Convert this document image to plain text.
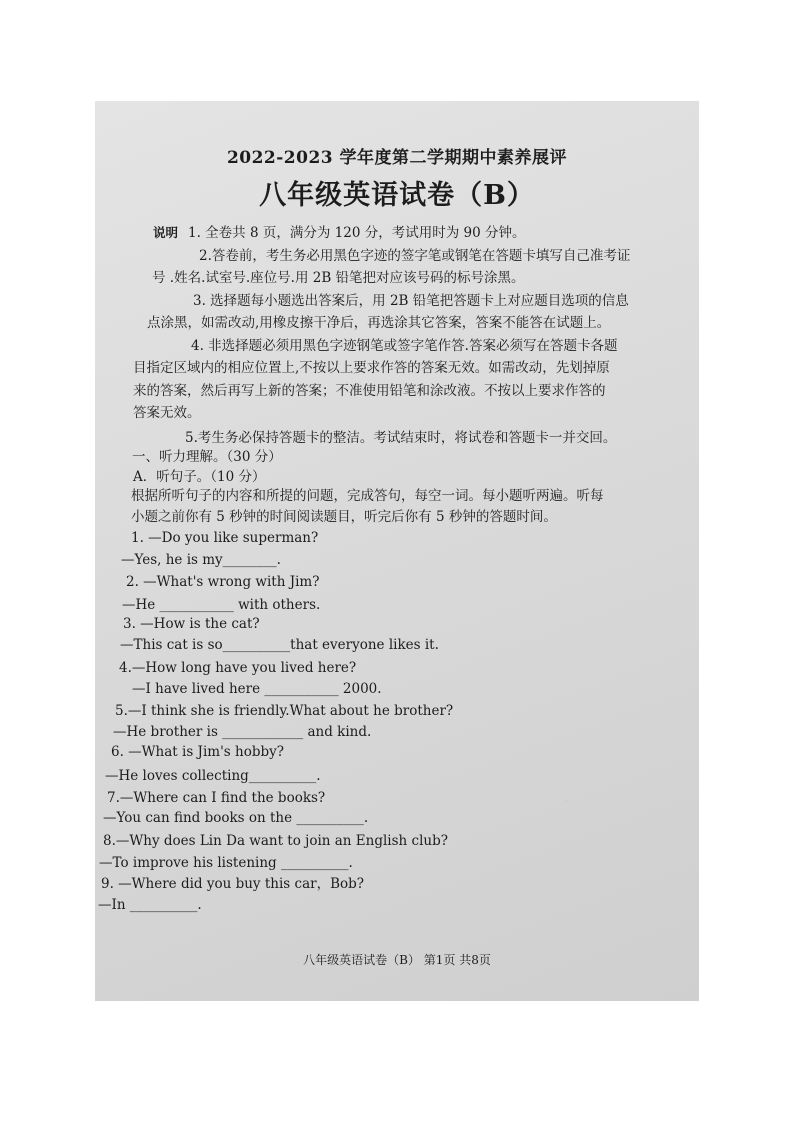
.
2022-2023 学年度第二学期期中素养展评
八年级英语试卷（B）
说明 1. 全卷共 8 页，满分为 120 分，考试用时为 90 分钟。
2.答卷前，考生务必用黑色字迹的签字笔或钢笔在答题卡填写自己准考证
号 .姓名.试室号.座位号.用 2B 铅笔把对应该号码的标号涂黑。
3. 选择题每小题选出答案后，用 2B 铅笔把答题卡上对应题目选项的信息
点涂黑，如需改动,用橡皮擦干净后，再选涂其它答案，答案不能答在试题上。
4. 非选择题必须用黑色字迹钢笔或签字笔作答.答案必须写在答题卡各题
目指定区域内的相应位置上,不按以上要求作答的答案无效。如需改动，先划掉原
来的答案，然后再写上新的答案；不准使用铅笔和涂改液。不按以上要求作答的
答案无效。
5.考生务必保持答题卡的整洁。考试结束时，将试卷和答题卡一并交回。
一、听力理解。（30 分）
A．听句子。（10 分）
根据所听句子的内容和所提的问题，完成答句，每空一词。每小题听两遍。听每
小题之前你有 5 秒钟的时间阅读题目，听完后你有 5 秒钟的答题时间。
1. —Do you like superman?
—Yes, he is my________.
2. —What's wrong with Jim?
—He ___________ with others.
3. —How is the cat?
—This cat is so__________that everyone likes it.
4.—How long have you lived here?
—I have lived here ___________ 2000.
5.—I think she is friendly.What about he brother?
—He brother is ____________ and kind.
6. —What is Jim's hobby?
—He loves collecting__________.
7.—Where can I find the books?
—You can find books on the __________.
8.—Why does Lin Da want to join an English club?
—To improve his listening __________.
9. —Where did you buy this car，Bob?
—In __________.
八年级英语试卷（B） 第1页 共8页
